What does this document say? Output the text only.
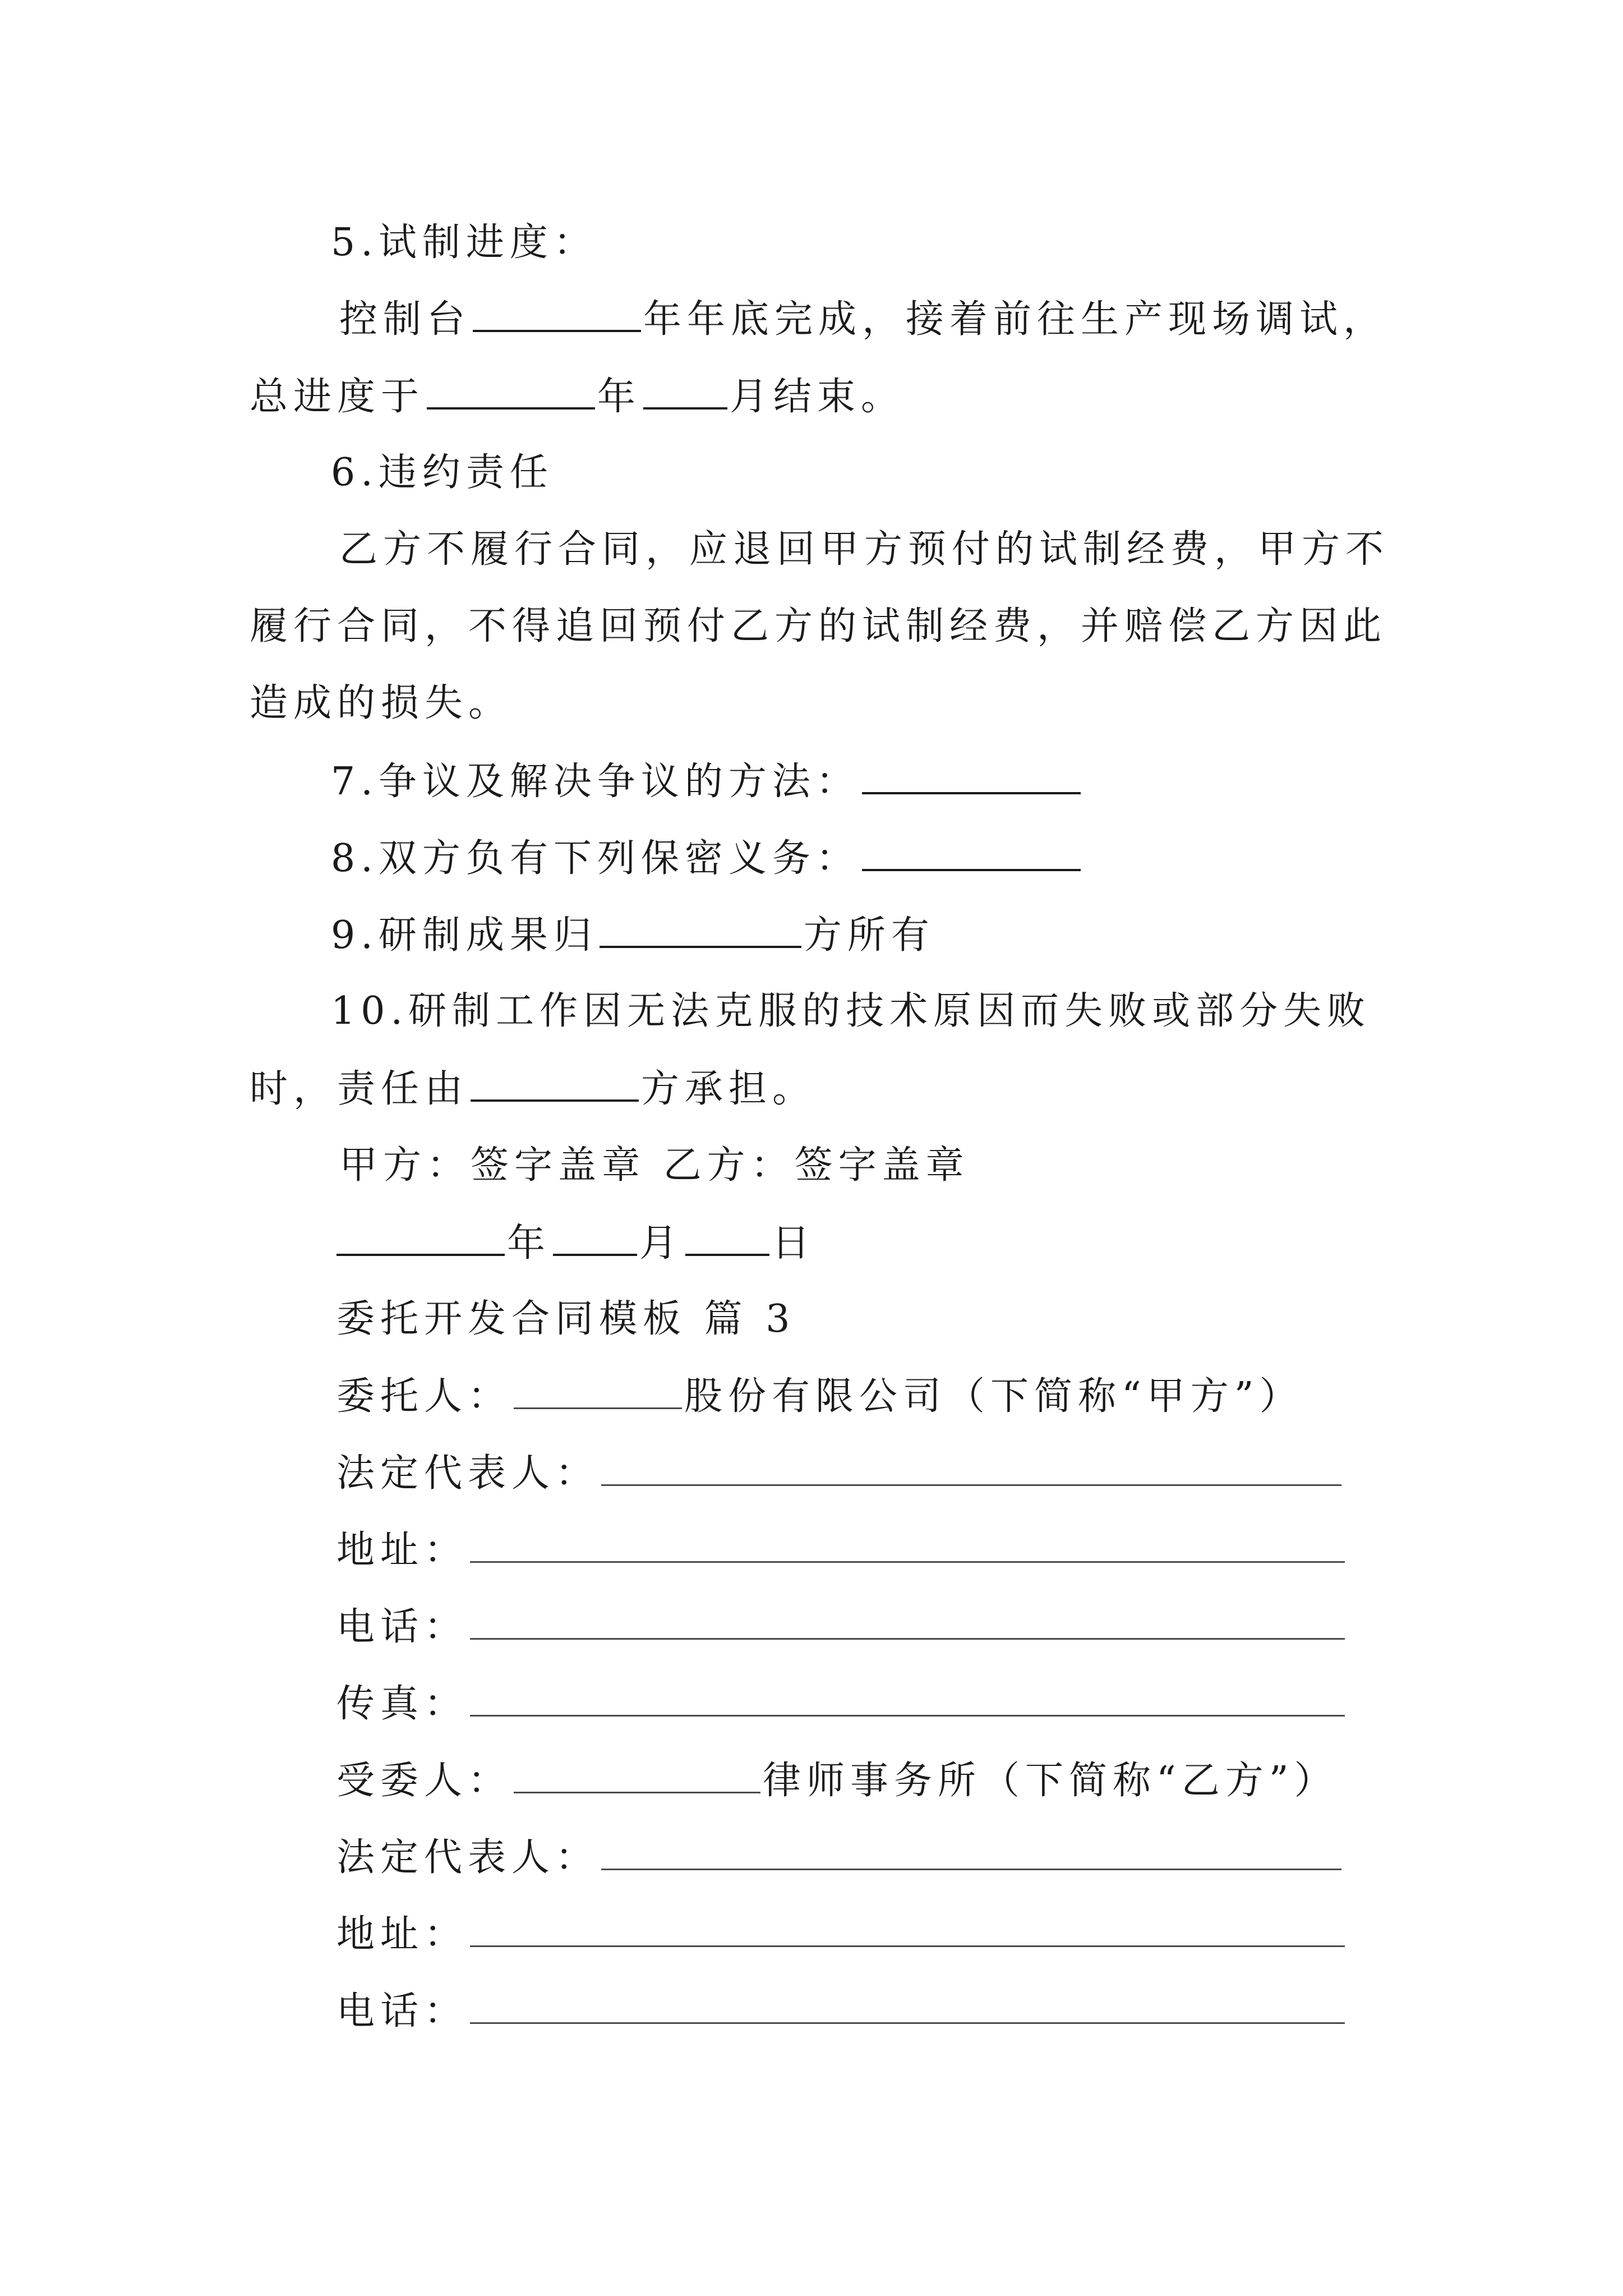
5.试制进度：
控制台	年年底完成，接着前往生产现场调试，
总进度于	年 月结束。
6.违约责任
乙方不履行合同，应退回甲方预付的试制经费，甲方不
履行合同，不得追回预付乙方的试制经费，并赔偿乙方因此
造成的损失。
7.争议及解决争议的方法：
8.双方负有下列保密义务：
9.研制成果归	方所有
10.研制工作因无法克服的技术原因而失败或部分失败
时，责任由	方承担。
甲方：签字盖章 乙方：签字盖章
年 月 日
委托开发合同模板 篇 3
委托人：	股份有限公司（下简称“甲方”）
法定代表人：
地址：
电话：
传真：
受委人：	律师事务所（下简称“乙方”）
法定代表人：
地址：
电话：
